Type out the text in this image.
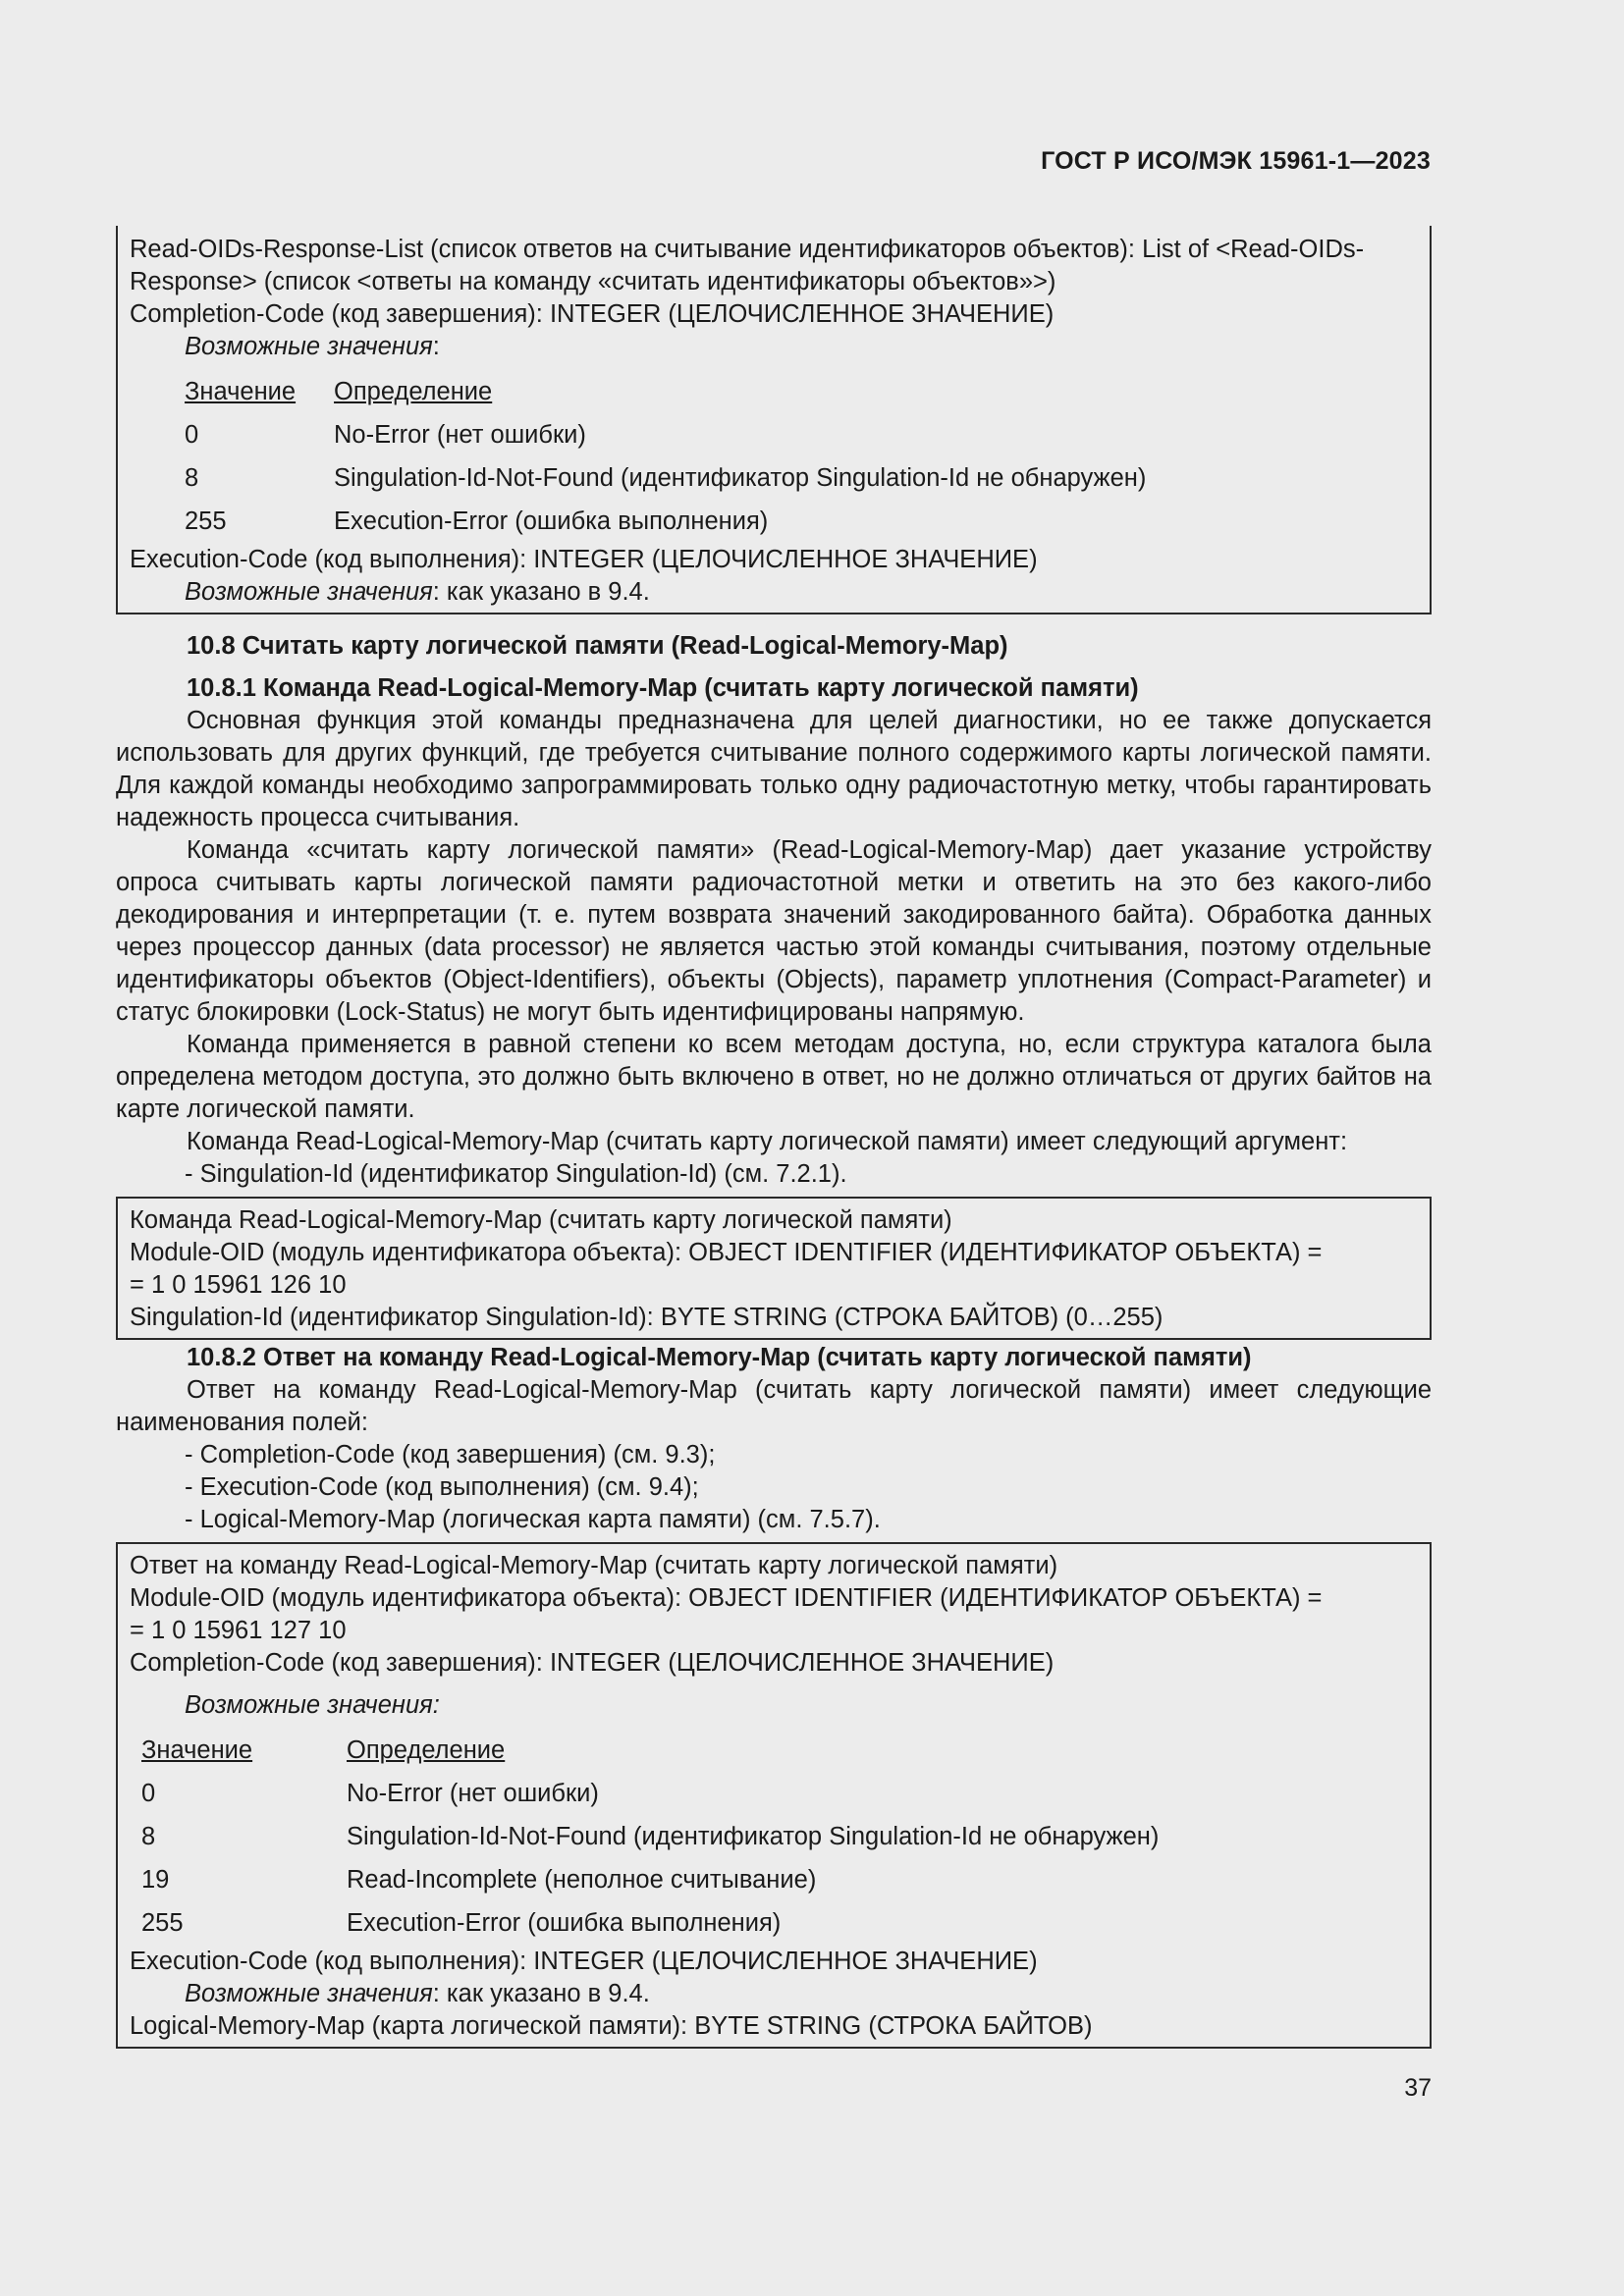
ГОСТ Р ИСО/МЭК 15961-1—2023

Read-OIDs-Response-List (список ответов на считывание идентификаторов объектов): List of <Read-OIDs-Response> (список <ответы на команду «считать идентификаторы объектов»>)

Completion-Code (код завершения): INTEGER (ЦЕЛОЧИСЛЕННОЕ ЗНАЧЕНИЕ)

Возможные значения:

Значение	Определение
0	No-Error (нет ошибки)
8	Singulation-Id-Not-Found (идентификатор Singulation-Id не обнаружен)
255	Execution-Error (ошибка выполнения)

Execution-Code (код выполнения): INTEGER (ЦЕЛОЧИСЛЕННОЕ ЗНАЧЕНИЕ)

Возможные значения: как указано в 9.4.

10.8 Считать карту логической памяти (Read-Logical-Memory-Map)

10.8.1 Команда Read-Logical-Memory-Map (считать карту логической памяти)

Основная функция этой команды предназначена для целей диагностики, но ее также допускается использовать для других функций, где требуется считывание полного содержимого карты логической памяти. Для каждой команды необходимо запрограммировать только одну радиочастотную метку, чтобы гарантировать надежность процесса считывания.

Команда «считать карту логической памяти» (Read-Logical-Memory-Map) дает указание устройству опроса считывать карты логической памяти радиочастотной метки и ответить на это без какого-либо декодирования и интерпретации (т. е. путем возврата значений закодированного байта). Обработка данных через процессор данных (data processor) не является частью этой команды считывания, поэтому отдельные идентификаторы объектов (Object-Identifiers), объекты (Objects), параметр уплотнения (Compact-Parameter) и статус блокировки (Lock-Status) не могут быть идентифицированы напрямую.

Команда применяется в равной степени ко всем методам доступа, но, если структура каталога была определена методом доступа, это должно быть включено в ответ, но не должно отличаться от других байтов на карте логической памяти.

Команда Read-Logical-Memory-Map (считать карту логической памяти) имеет следующий аргумент:

- Singulation-Id (идентификатор Singulation-Id) (см. 7.2.1).

Команда Read-Logical-Memory-Map (считать карту логической памяти)

Module-OID (модуль идентификатора объекта): OBJECT IDENTIFIER (ИДЕНТИФИКАТОР ОБЪЕКТА) =

= 1 0 15961 126 10

Singulation-Id (идентификатор Singulation-Id): BYTE STRING (СТРОКА БАЙТОВ) (0…255)

10.8.2 Ответ на команду Read-Logical-Memory-Map (считать карту логической памяти)

Ответ на команду Read-Logical-Memory-Map (считать карту логической памяти) имеет следующие наименования полей:

- Completion-Code (код завершения) (см. 9.3);

- Execution-Code (код выполнения) (см. 9.4);

- Logical-Memory-Map (логическая карта памяти) (см. 7.5.7).

Ответ на команду Read-Logical-Memory-Map (считать карту логической памяти)

Module-OID (модуль идентификатора объекта): OBJECT IDENTIFIER (ИДЕНТИФИКАТОР ОБЪЕКТА) =

= 1 0 15961 127 10

Completion-Code (код завершения): INTEGER (ЦЕЛОЧИСЛЕННОЕ ЗНАЧЕНИЕ)

Возможные значения:

Значение	Определение
0	No-Error (нет ошибки)
8	Singulation-Id-Not-Found (идентификатор Singulation-Id не обнаружен)
19	Read-Incomplete (неполное считывание)
255	Execution-Error (ошибка выполнения)

Execution-Code (код выполнения): INTEGER (ЦЕЛОЧИСЛЕННОЕ ЗНАЧЕНИЕ)

Возможные значения: как указано в 9.4.

Logical-Memory-Map (карта логической памяти): BYTE STRING (СТРОКА БАЙТОВ)

37
